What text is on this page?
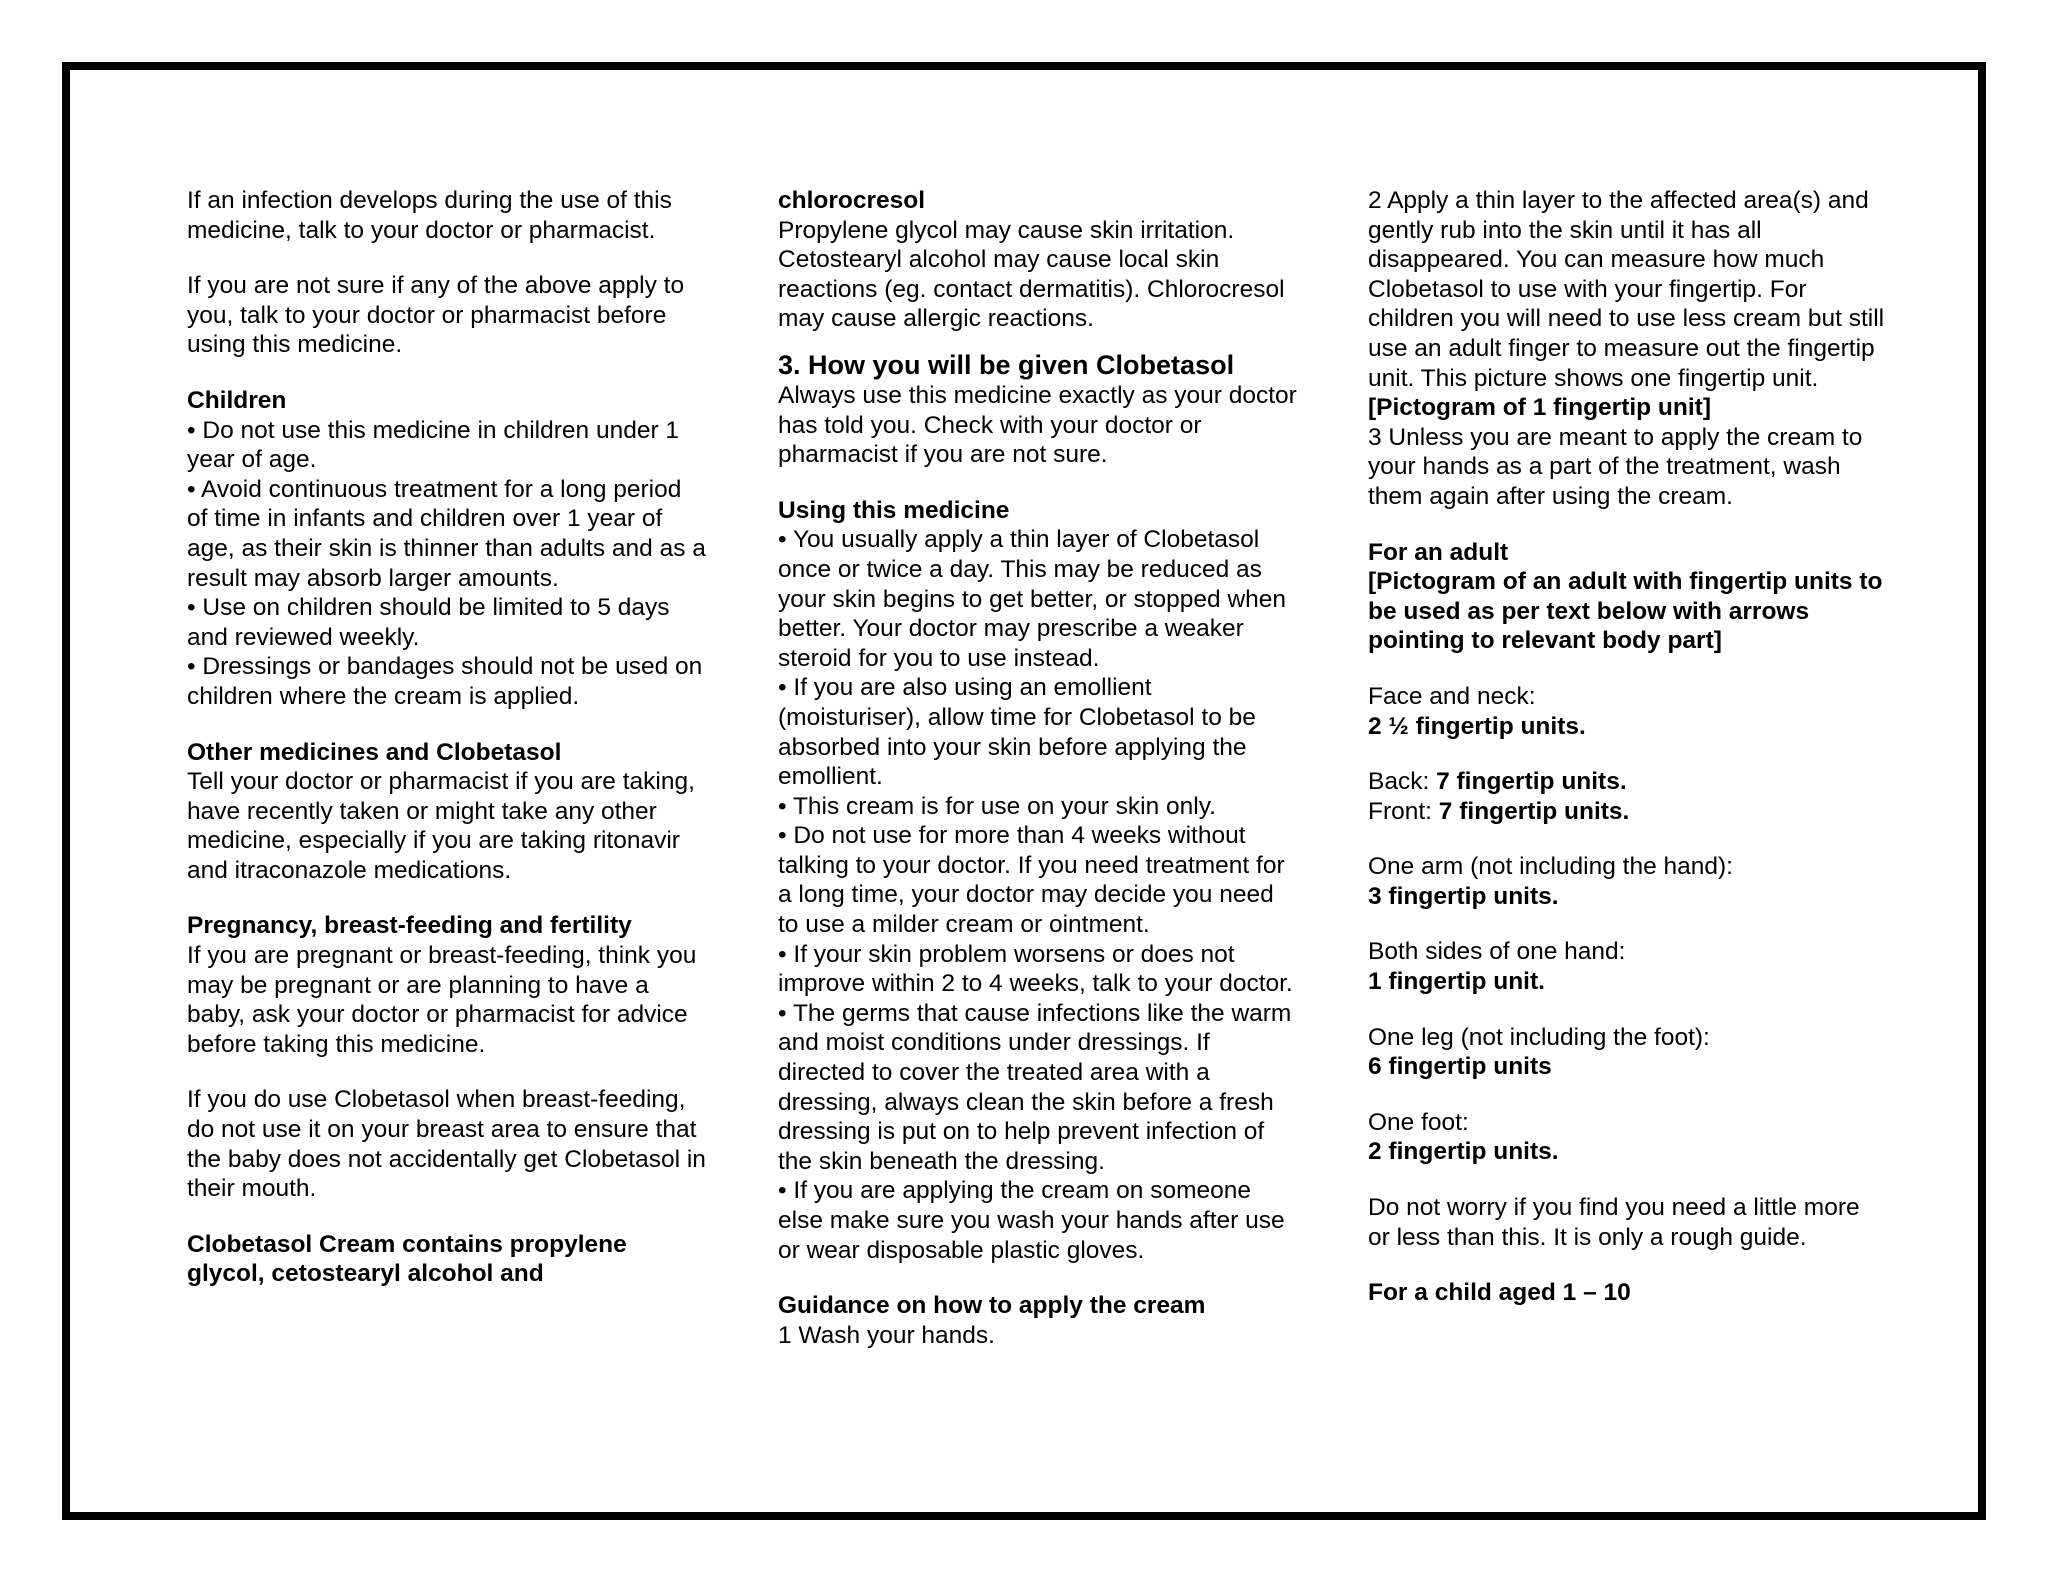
If an infection develops during the use of this medicine, talk to your doctor or pharmacist.

If you are not sure if any of the above apply to you, talk to your doctor or pharmacist before using this medicine.

Children
• Do not use this medicine in children under 1 year of age.
• Avoid continuous treatment for a long period of time in infants and children over 1 year of age, as their skin is thinner than adults and as a result may absorb larger amounts.
• Use on children should be limited to 5 days and reviewed weekly.
• Dressings or bandages should not be used on children where the cream is applied.

Other medicines and Clobetasol
Tell your doctor or pharmacist if you are taking, have recently taken or might take any other medicine, especially if you are taking ritonavir and itraconazole medications.

Pregnancy, breast-feeding and fertility
If you are pregnant or breast-feeding, think you may be pregnant or are planning to have a baby, ask your doctor or pharmacist for advice before taking this medicine.

If you do use Clobetasol when breast-feeding, do not use it on your breast area to ensure that the baby does not accidentally get Clobetasol in their mouth.

Clobetasol Cream contains propylene glycol, cetostearyl alcohol and

chlorocresol
Propylene glycol may cause skin irritation. Cetostearyl alcohol may cause local skin reactions (eg. contact dermatitis). Chlorocresol may cause allergic reactions.

3. How you will be given Clobetasol
Always use this medicine exactly as your doctor has told you. Check with your doctor or pharmacist if you are not sure.

Using this medicine
• You usually apply a thin layer of Clobetasol once or twice a day. This may be reduced as your skin begins to get better, or stopped when better. Your doctor may prescribe a weaker steroid for you to use instead.
• If you are also using an emollient (moisturiser), allow time for Clobetasol to be absorbed into your skin before applying the emollient.
• This cream is for use on your skin only.
• Do not use for more than 4 weeks without talking to your doctor. If you need treatment for a long time, your doctor may decide you need to use a milder cream or ointment.
• If your skin problem worsens or does not improve within 2 to 4 weeks, talk to your doctor.
• The germs that cause infections like the warm and moist conditions under dressings. If directed to cover the treated area with a dressing, always clean the skin before a fresh dressing is put on to help prevent infection of the skin beneath the dressing.
• If you are applying the cream on someone else make sure you wash your hands after use or wear disposable plastic gloves.

Guidance on how to apply the cream
1 Wash your hands.

2 Apply a thin layer to the affected area(s) and gently rub into the skin until it has all disappeared. You can measure how much Clobetasol to use with your fingertip. For children you will need to use less cream but still use an adult finger to measure out the fingertip unit. This picture shows one fingertip unit.
[Pictogram of 1 fingertip unit]
3 Unless you are meant to apply the cream to your hands as a part of the treatment, wash them again after using the cream.

For an adult
[Pictogram of an adult with fingertip units to be used as per text below with arrows pointing to relevant body part]

Face and neck:
2 ½ fingertip units.

Back: 7 fingertip units.
Front: 7 fingertip units.

One arm (not including the hand):
3 fingertip units.

Both sides of one hand:
1 fingertip unit.

One leg (not including the foot):
6 fingertip units

One foot:
2 fingertip units.

Do not worry if you find you need a little more or less than this. It is only a rough guide.

For a child aged 1 – 10
